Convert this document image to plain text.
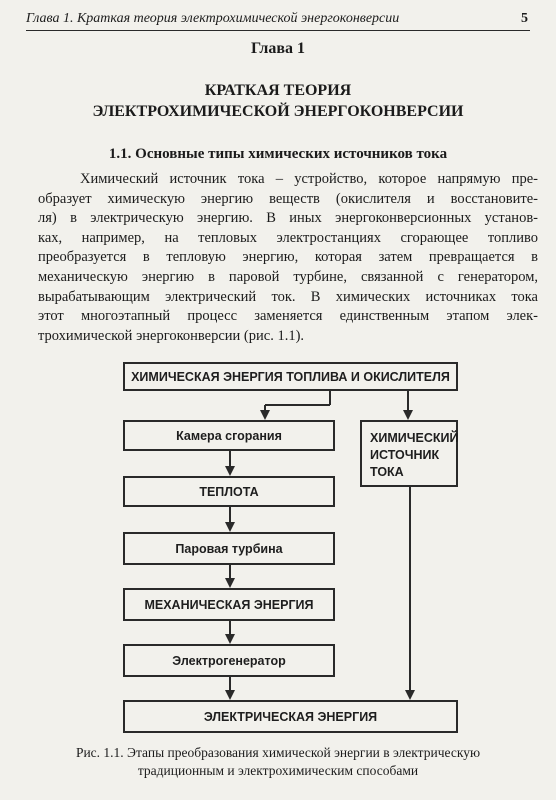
Глава 1. Краткая теория электрохимической энергоконверсии	5
Глава 1
КРАТКАЯ ТЕОРИЯ
ЭЛЕКТРОХИМИЧЕСКОЙ ЭНЕРГОКОНВЕРСИИ
1.1. Основные типы химических источников тока
Химический источник тока – устройство, которое напрямую пре-
образует химическую энергию веществ (окислителя и восстановите-
ля) в электрическую энергию. В иных энергоконверсионных установ-
ках, например, на тепловых электростанциях сгорающее топливо
преобразуется в тепловую энергию, которая затем превращается в
механическую энергию в паровой турбине, связанной с генератором,
вырабатывающим электрический ток. В химических источниках тока
этот многоэтапный процесс заменяется единственным этапом элек-
трохимической энергоконверсии (рис. 1.1).
ХИМИЧЕСКАЯ ЭНЕРГИЯ ТОПЛИВА И ОКИСЛИТЕЛЯ
Камера сгорания
ТЕПЛОТА
Паровая турбина
МЕХАНИЧЕСКАЯ ЭНЕРГИЯ
Электрогенератор
ХИМИЧЕСКИЙ
ИСТОЧНИК
ТОКА
ЭЛЕКТРИЧЕСКАЯ ЭНЕРГИЯ
Рис. 1.1. Этапы преобразования химической энергии в электрическую
традиционным и электрохимическим способами
